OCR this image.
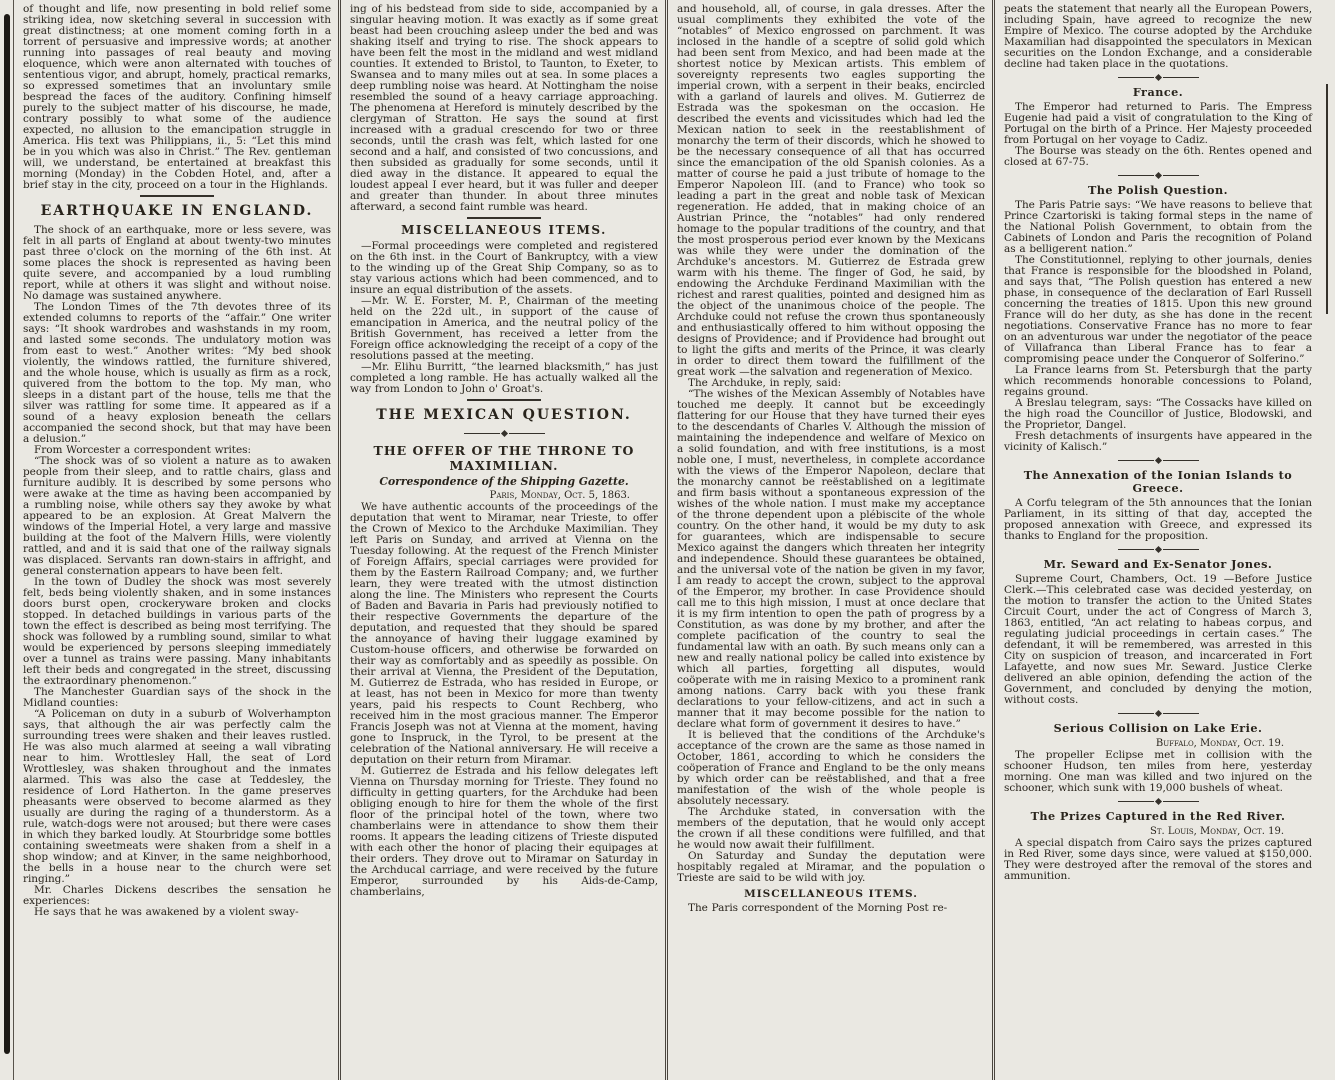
of thought and life, now presenting in bold relief some striking idea, now sketching several in succession with great distinctness; at one moment coming forth in a torrent of persuasive and impressive words; at another running into passages of real beauty and moving eloquence, which were anon alternated with touches of sententious vigor, and abrupt, homely, practical remarks, so expressed sometimes that an involuntary smile bespread the faces of the auditory. Confining himself purely to the subject matter of his discourse, he made, contrary possibly to what some of the audience expected, no allusion to the emancipation struggle in America. His text was Philippians, ii., 5: “Let this mind be in you which was also in Christ.” The Rev. gentleman will, we understand, be entertained at breakfast this morning (Monday) in the Cobden Hotel, and, after a brief stay in the city, proceed on a tour in the Highlands.
EARTHQUAKE IN ENGLAND.
The shock of an earthquake, more or less severe, was felt in all parts of England at about twenty-two minutes past three o'clock on the morning of the 6th inst. At some places the shock is represented as having been quite severe, and accompanied by a loud rumbling report, while at others it was slight and without noise. No damage was sustained anywhere.
The London Times of the 7th devotes three of its extended columns to reports of the “affair.” One writer says: “It shook wardrobes and washstands in my room, and lasted some seconds. The undulatory motion was from east to west.” Another writes: “My bed shook violently, the windows rattled, the furniture shivered, and the whole house, which is usually as firm as a rock, quivered from the bottom to the top. My man, who sleeps in a distant part of the house, tells me that the silver was rattling for some time. It appeared as if a sound of a heavy explosion beneath the cellars accompanied the second shock, but that may have been a delusion.”
From Worcester a correspondent writes:
“The shock was of so violent a nature as to awaken people from their sleep, and to rattle chairs, glass and furniture audibly. It is described by some persons who were awake at the time as having been accompanied by a rumbling noise, while others say they awoke by what appeared to be an explosion. At Great Malvern the windows of the Imperial Hotel, a very large and massive building at the foot of the Malvern Hills, were violently rattled, and and it is said that one of the railway signals was displaced. Servants ran down-stairs in affright, and general consternation appears to have been felt.
In the town of Dudley the shock was most severely felt, beds being violently shaken, and in some instances doors burst open, crockeryware broken and clocks stopped. In detached buildings in various parts of the town the effect is described as being most terrifying. The shock was followed by a rumbling sound, similar to what would be experienced by persons sleeping immediately over a tunnel as trains were passing. Many inhabitants left their beds and congregated in the street, discussing the extraordinary phenomenon.”
The Manchester Guardian says of the shock in the Midland counties:
“A Policeman on duty in a suburb of Wolverhampton says, that although the air was perfectly calm the surrounding trees were shaken and their leaves rustled. He was also much alarmed at seeing a wall vibrating near to him. Wrottlesley Hall, the seat of Lord Wrottlesley, was shaken throughout and the inmates alarmed. This was also the case at Teddesley, the residence of Lord Hatherton. In the game preserves pheasants were observed to become alarmed as they usually are during the raging of a thunderstorm. As a rule, watch-dogs were not aroused; but there were cases in which they barked loudly. At Stourbridge some bottles containing sweetmeats were shaken from a shelf in a shop window; and at Kinver, in the same neighborhood, the bells in a house near to the church were set ringing.”
Mr. Charles Dickens describes the sensation he experiences:
He says that he was awakened by a violent sway-
ing of his bedstead from side to side, accompanied by a singular heaving motion. It was exactly as if some great beast had been crouching asleep under the bed and was shaking itself and trying to rise. The shock appears to have been felt the most in the midland and west midland counties. It extended to Bristol, to Taunton, to Exeter, to Swansea and to many miles out at sea. In some places a deep rumbling noise was heard. At Nottingham the noise resembled the sound of a heavy carriage approaching. The phenomena at Hereford is minutely described by the clergyman of Stratton. He says the sound at first increased with a gradual crescendo for two or three seconds, until the crash was felt, which lasted for one second and a half, and consisted of two concussions, and then subsided as gradually for some seconds, until it died away in the distance. It appeared to equal the loudest appeal I ever heard, but it was fuller and deeper and greater than thunder. In about three minutes afterward, a second faint rumble was heard.
MISCELLANEOUS ITEMS.
—Formal proceedings were completed and registered on the 6th inst. in the Court of Bankruptcy, with a view to the winding up of the Great Ship Company, so as to stay various actions which had been commenced, and to insure an equal distribution of the assets.
—Mr. W. E. Forster, M. P., Chairman of the meeting held on the 22d ult., in support of the cause of emancipation in America, and the neutral policy of the British Government, has received a letter from the Foreign office acknowledging the receipt of a copy of the resolutions passed at the meeting.
—Mr. Elihu Burritt, “the learned blacksmith,” has just completed a long ramble. He has actually walked all the way from London to John o' Groat's.
THE MEXICAN QUESTION.
THE OFFER OF THE THRONE TO MAXIMILIAN.
Correspondence of the Shipping Gazette.
Paris, Monday, Oct. 5, 1863.
We have authentic accounts of the proceedings of the deputation that went to Miramar, near Trieste, to offer the Crown of Mexico to the Archduke Maximilian. They left Paris on Sunday, and arrived at Vienna on the Tuesday following. At the request of the French Minister of Foreign Affairs, special carriages were provided for them by the Eastern Railroad Company; and, we further learn, they were treated with the utmost distinction along the line. The Ministers who represent the Courts of Baden and Bavaria in Paris had previously notified to their respective Governments the departure of the deputation, and requested that they should be spared the annoyance of having their luggage examined by Custom-house officers, and otherwise be forwarded on their way as comfortably and as speedily as possible. On their arrival at Vienna, the President of the Deputation, M. Gutierrez de Estrada, who has resided in Europe, or at least, has not been in Mexico for more than twenty years, paid his respects to Count Rechberg, who received him in the most gracious manner. The Emperor Francis Joseph was not at Vienna at the moment, having gone to Inspruck, in the Tyrol, to be present at the celebration of the National anniversary. He will receive a deputation on their return from Miramar.
M. Gutierrez de Estrada and his fellow delegates left Vienna on Thursday morning for Trieste. They found no difficulty in getting quarters, for the Archduke had been obliging enough to hire for them the whole of the first floor of the principal hotel of the town, where two chamberlains were in attendance to show them their rooms. It appears the leading citizens of Trieste disputed with each other the honor of placing their equipages at their orders. They drove out to Miramar on Saturday in the Archducal carriage, and were received by the future Emperor, surrounded by his Aids-de-Camp, chamberlains,
and household, all, of course, in gala dresses. After the usual compliments they exhibited the vote of the “notables” of Mexico engrossed on parchment. It was inclosed in the handle of a sceptre of solid gold which had been sent from Mexico, and had been made at the shortest notice by Mexican artists. This emblem of sovereignty represents two eagles supporting the imperial crown, with a serpent in their beaks, encircled with a garland of laurels and olives. M. Gutierrez de Estrada was the spokesman on the occasion. He described the events and vicissitudes which had led the Mexican nation to seek in the reestablishment of monarchy the term of their discords, which he showed to be the necessary consequence of all that has occurred since the emancipation of the old Spanish colonies. As a matter of course he paid a just tribute of homage to the Emperor Napoleon III. (and to France) who took so leading a part in the great and noble task of Mexican regeneration. He added, that in making choice of an Austrian Prince, the “notables” had only rendered homage to the popular traditions of the country, and that the most prosperous period ever known by the Mexicans was while they were under the domination of the Archduke's ancestors. M. Gutierrez de Estrada grew warm with his theme. The finger of God, he said, by endowing the Archduke Ferdinand Maximilian with the richest and rarest qualities, pointed and designed him as the object of the unanimous choice of the people. The Archduke could not refuse the crown thus spontaneously and enthusiastically offered to him without opposing the designs of Providence; and if Providence had brought out to light the gifts and merits of the Prince, it was clearly in order to direct them toward the fulfillment of the great work —the salvation and regeneration of Mexico.
The Archduke, in reply, said:
“The wishes of the Mexican Assembly of Notables have touched me deeply. It cannot but be exceedingly flattering for our House that they have turned their eyes to the descendants of Charles V. Although the mission of maintaining the independence and welfare of Mexico on a solid foundation, and with free institutions, is a most noble one, I must, nevertheless, in complete accordance with the views of the Emperor Napoleon, declare that the monarchy cannot be reëstablished on a legitimate and firm basis without a spontaneous expression of the wishes of the whole nation. I must make my acceptance of the throne dependent upon a plébiscite of the whole country. On the other hand, it would be my duty to ask for guarantees, which are indispensable to secure Mexico against the dangers which threaten her integrity and independence. Should these guarantees be obtained, and the universal vote of the nation be given in my favor, I am ready to accept the crown, subject to the approval of the Emperor, my brother. In case Providence should call me to this high mission, I must at once declare that it is my firm intention to open the path of progress by a Constitution, as was done by my brother, and after the complete pacification of the country to seal the fundamental law with an oath. By such means only can a new and really national policy be called into existence by which all parties, forgetting all disputes, would coöperate with me in raising Mexico to a prominent rank among nations. Carry back with you these frank declarations to your fellow-citizens, and act in such a manner that it may become possible for the nation to declare what form of government it desires to have.”
It is believed that the conditions of the Archduke's acceptance of the crown are the same as those named in October, 1861, according to which he considers the coöperation of France and England to be the only means by which order can be reëstablished, and that a free manifestation of the wish of the whole people is absolutely necessary.
The Archduke stated, in conversation with the members of the deputation, that he would only accept the crown if all these conditions were fulfilled, and that he would now await their fulfillment.
On Saturday and Sunday the deputation were hospitably regaled at Miramar, and the population o Trieste are said to be wild with joy.
MISCELLANEOUS ITEMS.
The Paris correspondent of the Morning Post re-
peats the statement that nearly all the European Powers, including Spain, have agreed to recognize the new Empire of Mexico. The course adopted by the Archduke Maxamilian had disappointed the speculators in Mexican securities on the London Exchange, and a considerable decline had taken place in the quotations.
France.
The Emperor had returned to Paris. The Empress Eugenie had paid a visit of congratulation to the King of Portugal on the birth of a Prince. Her Majesty proceeded from Portugal on her voyage to Cadiz.
The Bourse was steady on the 6th. Rentes opened and closed at 67-75.
The Polish Question.
The Paris Patrie says: “We have reasons to believe that Prince Czartoriski is taking formal steps in the name of the National Polish Government, to obtain from the Cabinets of London and Paris the recognition of Poland as a belligerent nation.”
The Constitutionnel, replying to other journals, denies that France is responsible for the bloodshed in Poland, and says that, “The Polish question has entered a new phase, in consequence of the declaration of Earl Russell concerning the treaties of 1815. Upon this new ground France will do her duty, as she has done in the recent negotiations. Conservative France has no more to fear on an adventurous war under the negotiator of the peace of Villafranca than Liberal France has to fear a compromising peace under the Conqueror of Solferino.”
La France learns from St. Petersburgh that the party which recommends honorable concessions to Poland, regains ground.
A Breslau telegram, says: “The Cossacks have killed on the high road the Councillor of Justice, Blodowski, and the Proprietor, Dangel.
Fresh detachments of insurgents have appeared in the vicinity of Kalisch.”
The Annexation of the Ionian Islands to Greece.
A Corfu telegram of the 5th announces that the Ionian Parliament, in its sitting of that day, accepted the proposed annexation with Greece, and expressed its thanks to England for the proposition.
Mr. Seward and Ex-Senator Jones.
Supreme Court, Chambers, Oct. 19 —Before Justice Clerk.—This celebrated case was decided yesterday, on the motion to transfer the action to the United States Circuit Court, under the act of Congress of March 3, 1863, entitled, “An act relating to habeas corpus, and regulating judicial proceedings in certain cases.” The defendant, it will be remembered, was arrested in this City on suspicion of treason, and incarcerated in Fort Lafayette, and now sues Mr. Seward. Justice Clerke delivered an able opinion, defending the action of the Government, and concluded by denying the motion, without costs.
Serious Collision on Lake Erie.
Buffalo, Monday, Oct. 19.
The propeller Eclipse met in collision with the schooner Hudson, ten miles from here, yesterday morning. One man was killed and two injured on the schooner, which sunk with 19,000 bushels of wheat.
The Prizes Captured in the Red River.
St. Louis, Monday, Oct. 19.
A special dispatch from Cairo says the prizes captured in Red River, some days since, were valued at $150,000. They were destroyed after the removal of the stores and ammunition.
